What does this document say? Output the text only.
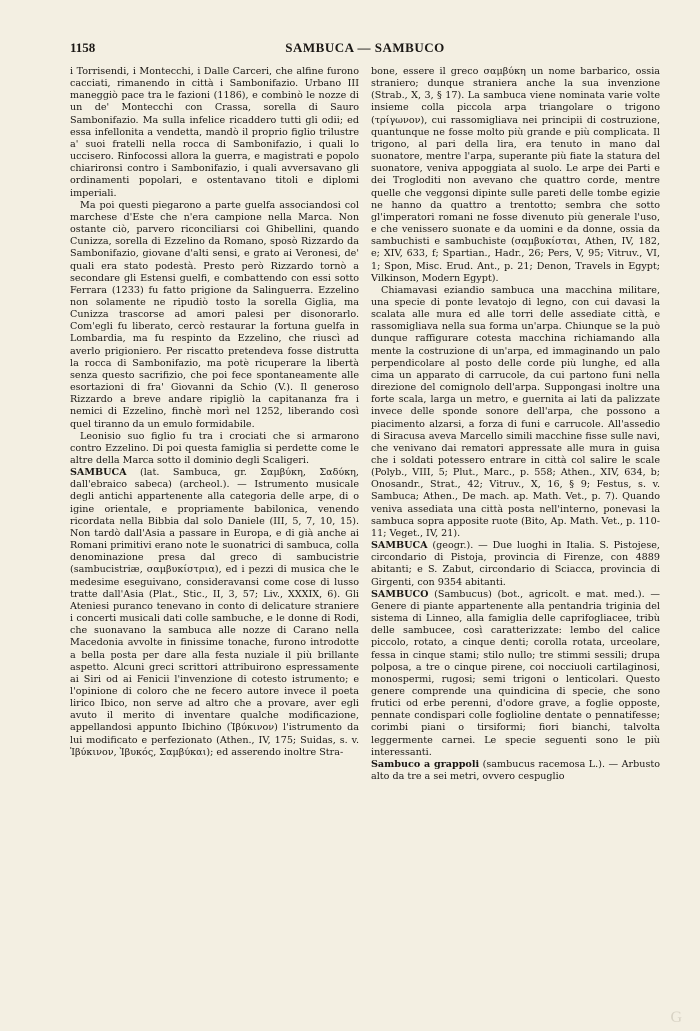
1158	SAMBUCA — SAMBUCO

i Torrisendi, i Montecchi, i Dalle Carceri, che alfine furono cacciati, rimanendo in città i Sambonifazio. Urbano III maneggiò pace tra le fazioni (1186), e combinò le nozze di un de' Montecchi con Crassa, sorella di Sauro Sambonifazio. Ma sulla infelice ricaddero tutti gli odii; ed essa infellonita a vendetta, mandò il proprio figlio trilustre a' suoi fratelli nella rocca di Sambonifazio, i quali lo uccisero. Rinfocossi allora la guerra, e magistrati e popolo chiarironsi contro i Sambonifazio, i quali avversavano gli ordinamenti popolari, e ostentavano titoli e diplomi imperiali.

Ma poi questi piegarono a parte guelfa associandosi col marchese d'Este che n'era campione nella Marca. Non ostante ciò, parvero riconciliarsi coi Ghibellini, quando Cunizza, sorella di Ezzelino da Romano, sposò Rizzardo da Sambonifazio, giovane d'alti sensi, e grato ai Veronesi, de' quali era stato podestà. Presto però Rizzardo tornò a secondare gli Estensi guelfi, e combattendo con essi sotto Ferrara (1233) fu fatto prigione da Salinguerra. Ezzelino non solamente ne ripudiò tosto la sorella Giglia, ma Cunizza trascorse ad amori palesi per disonorarlo. Com'egli fu liberato, cercò restaurar la fortuna guelfa in Lombardia, ma fu respinto da Ezzelino, che riuscì ad averlo prigioniero. Per riscatto pretendeva fosse distrutta la rocca di Sambonifazio, ma potè ricuperare la libertà senza questo sacrifizio, che poi fece spontaneamente alle esortazioni di fra' Giovanni da Schio (V.). Il generoso Rizzardo a breve andare ripigliò la capitananza fra i nemici di Ezzelino, finchè morì nel 1252, liberando così quel tiranno da un emulo formidabile.

Leonisio suo figlio fu tra i crociati che si armarono contro Ezzelino. Di poi questa famiglia si perdette come le altre della Marca sotto il dominio degli Scaligeri.

SAMBUCA (lat. Sambuca, gr. Σαμβύκη, Σαδύκη, dall'ebraico sabeca) (archeol.). — Istrumento musicale degli antichi appartenente alla categoria delle arpe, di o igine orientale, e propriamente babilonica, venendo ricordata nella Bibbia dal solo Daniele (III, 5, 7, 10, 15). Non tardò dall'Asia a passare in Europa, e di già anche ai Romani primitivi erano note le suonatrici di sambuca, colla denominazione presa dal greco di sambucistrie (sambucistriæ, σαμβυκίστρια), ed i pezzi di musica che le medesime eseguivano, consideravansi come cose di lusso tratte dall'Asia (Plat., Stic., II, 3, 57; Liv., XXXIX, 6). Gli Ateniesi puranco tenevano in conto di delicature straniere i concerti musicali dati colle sambuche, e le donne di Rodi, che suonavano la sambuca alle nozze di Carano nella Macedonia avvolte in finissime tonache, furono introdotte a bella posta per dare alla festa nuziale il più brillante aspetto. Alcuni greci scrittori attribuirono espressamente ai Siri od ai Fenicii l'invenzione di cotesto istrumento; e l'opinione di coloro che ne fecero autore invece il poeta lirico Ibico, non serve ad altro che a provare, aver egli avuto il merito di inventare qualche modificazione, appellandosi appunto Ibichino (Ἰβύκινον) l'istrumento da lui modificato e perfezionato (Athen., IV, 175; Suidas, s. v. Ἰβύκινον, Ἰβυκός, Σαμβύκαι); ed asserendo inoltre Stra-

bone, essere il greco σαμβύκη un nome barbarico, ossia straniero; dunque straniera anche la sua invenzione (Strab., X, 3, § 17). La sambuca viene nominata varie volte insieme colla piccola arpa triangolare o trigono (τρίγωνον), cui rassomigliava nei principii di costruzione, quantunque ne fosse molto più grande e più complicata. Il trigono, al pari della lira, era tenuto in mano dal suonatore, mentre l'arpa, superante più fiate la statura del suonatore, veniva appoggiata al suolo. Le arpe dei Parti e dei Trogloditi non avevano che quattro corde, mentre quelle che veggonsi dipinte sulle pareti delle tombe egizie ne hanno da quattro a trentotto; sembra che sotto gl'imperatori romani ne fosse divenuto più generale l'uso, e che venissero suonate e da uomini e da donne, ossia da sambuchisti e sambuchiste (σαμβυκίσται, Athen, IV, 182, e; XIV, 633, f; Spartian., Hadr., 26; Pers, V, 95; Vitruv., VI, 1; Spon, Misc. Erud. Ant., p. 21; Denon, Travels in Egypt; Vilkinson, Modern Egypt).

Chiamavasi eziandio sambuca una macchina militare, una specie di ponte levatojo di legno, con cui davasi la scalata alle mura ed alle torri delle assediate città, e rassomigliava nella sua forma un'arpa. Chiunque se la può dunque raffigurare cotesta macchina richiamando alla mente la costruzione di un'arpa, ed immaginando un palo perpendicolare al posto delle corde più lunghe, ed alla cima un apparato di carrucole, da cui partono funi nella direzione del comignolo dell'arpa. Suppongasi inoltre una forte scala, larga un metro, e guernita ai lati da palizzate invece delle sponde sonore dell'arpa, che possono a piacimento alzarsi, a forza di funi e carrucole. All'assedio di Siracusa aveva Marcello simili macchine fisse sulle navi, che venivano dai rematori appressate alle mura in guisa che i soldati potessero entrare in città col salire le scale (Polyb., VIII, 5; Plut., Marc., p. 558; Athen., XIV, 634, b; Onosandr., Strat., 42; Vitruv., X, 16, § 9; Festus, s. v. Sambuca; Athen., De mach. ap. Math. Vet., p. 7). Quando veniva assediata una città posta nell'interno, ponevasi la sambuca sopra apposite ruote (Bito, Ap. Math. Vet., p. 110-11; Veget., IV, 21).

SAMBUCA (geogr.). — Due luoghi in Italia. S. Pistojese, circondario di Pistoja, provincia di Firenze, con 4889 abitanti; e S. Zabut, circondario di Sciacca, provincia di Girgenti, con 9354 abitanti.

SAMBUCO (Sambucus) (bot., agricolt. e mat. med.). — Genere di piante appartenente alla pentandria triginia del sistema di Linneo, alla famiglia delle caprifogliacee, tribù delle sambucee, così caratterizzate: lembo del calice piccolo, rotato, a cinque denti; corolla rotata, urceolare, fessa in cinque stami; stilo nullo; tre stimmi sessili; drupa polposa, a tre o cinque pirene, coi nocciuoli cartilaginosi, monospermi, rugosi; semi trigoni o lenticolari. Questo genere comprende una quindicina di specie, che sono frutici od erbe perenni, d'odore grave, a foglie opposte, pennate condispari colle foglioline dentate o pennatifesse; corimbi piani o tirsiformi; fiori bianchi, talvolta leggermente carnei. Le specie seguenti sono le più interessanti.

Sambuco a grappoli (sambucus racemosa L.). — Arbusto alto da tre a sei metri, ovvero cespuglio

G
